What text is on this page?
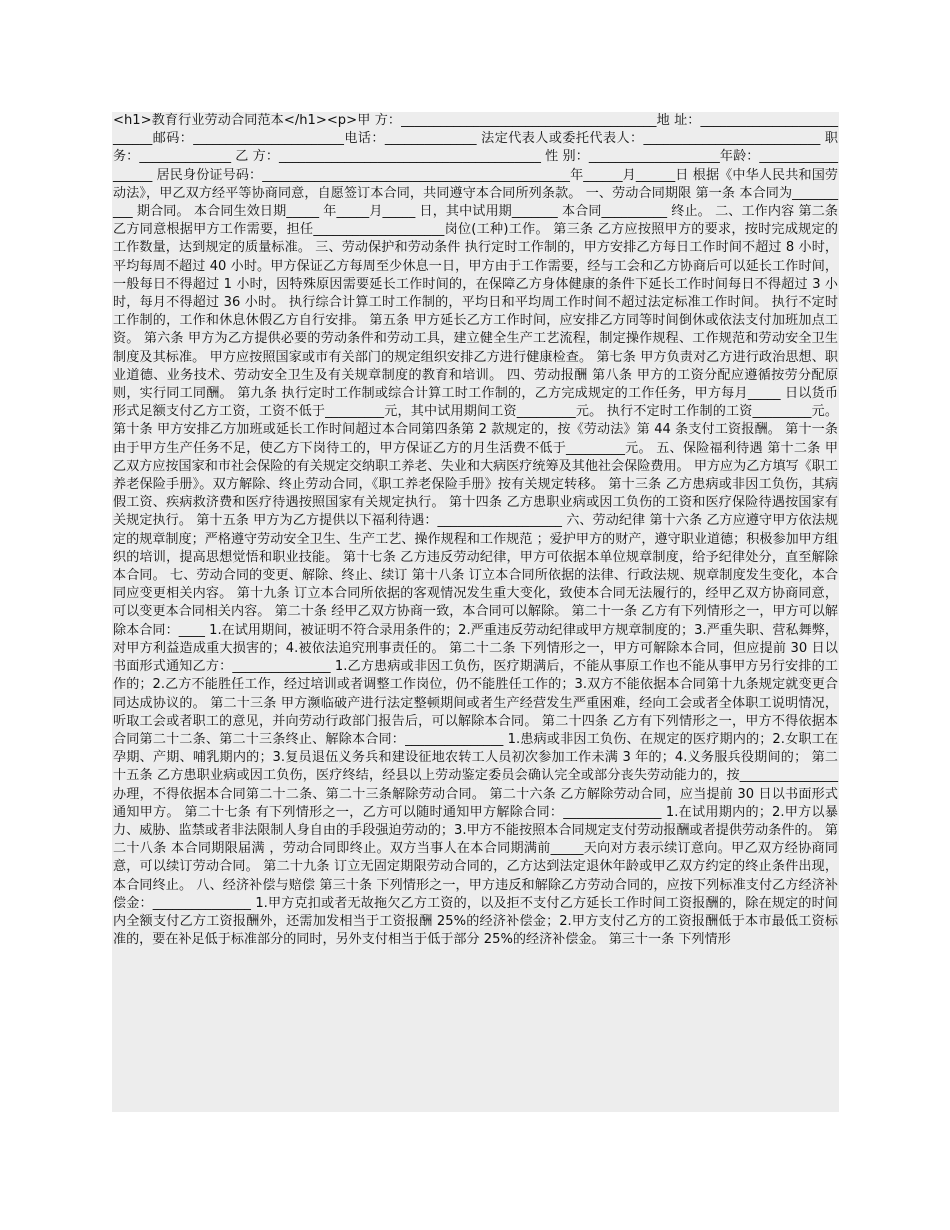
<h1>教育行业劳动合同范本</h1><p>甲 方：_______________________________________地 址：___________________________邮码：_______________________电话：______________ 法定代表人或委托代表人：___________________________ 职务：______________ 乙 方：________________________________________ 性 别：____________________年龄：__________________ 居民身份证号码：_______________________________________________年______月______日 根据《中华人民共和国劳动法》，甲乙双方经平等协商同意，自愿签订本合同，共同遵守本合同所列条款。 一、劳动合同期限 第一条 本合同为__________ 期合同。 本合同生效日期_____ 年_____月_____ 日，其中试用期_______ 本合同__________ 终止。 二、工作内容 第二条 乙方同意根据甲方工作需要，担任____________________岗位(工种)工作。 第三条 乙方应按照甲方的要求，按时完成规定的工作数量，达到规定的质量标准。 三、劳动保护和劳动条件 执行定时工作制的，甲方安排乙方每日工作时间不超过 8 小时，平均每周不超过 40 小时。甲方保证乙方每周至少休息一日，甲方由于工作需要，经与工会和乙方协商后可以延长工作时间，一般每日不得超过 1 小时，因特殊原因需要延长工作时间的，在保障乙方身体健康的条件下延长工作时间每日不得超过 3 小时，每月不得超过 36 小时。 执行综合计算工时工作制的，平均日和平均周工作时间不超过法定标准工作时间。 执行不定时工作制的，工作和休息休假乙方自行安排。 第五条 甲方延长乙方工作时间，应安排乙方同等时间倒休或依法支付加班加点工资。 第六条 甲方为乙方提供必要的劳动条件和劳动工具，建立健全生产工艺流程，制定操作规程、工作规范和劳动安全卫生制度及其标准。 甲方应按照国家或市有关部门的规定组织安排乙方进行健康检查。 第七条 甲方负责对乙方进行政治思想、职业道德、业务技术、劳动安全卫生及有关规章制度的教育和培训。 四、劳动报酬 第八条 甲方的工资分配应遵循按劳分配原则，实行同工同酬。 第九条 执行定时工作制或综合计算工时工作制的，乙方完成规定的工作任务，甲方每月_____ 日以货币形式足额支付乙方工资，工资不低于_________元，其中试用期间工资_________元。 执行不定时工作制的工资_________元。 第十条 甲方安排乙方加班或延长工作时间超过本合同第四条第 2 款规定的，按《劳动法》第 44 条支付工资报酬。 第十一条 由于甲方生产任务不足，使乙方下岗待工的，甲方保证乙方的月生活费不低于_________元。 五、保险福利待遇 第十二条 甲乙双方应按国家和市社会保险的有关规定交纳职工养老、失业和大病医疗统筹及其他社会保险费用。 甲方应为乙方填写《职工养老保险手册》。双方解除、终止劳动合同，《职工养老保险手册》按有关规定转移。 第十三条 乙方患病或非因工负伤，其病假工资、疾病救济费和医疗待遇按照国家有关规定执行。 第十四条 乙方患职业病或因工负伤的工资和医疗保险待遇按国家有关规定执行。 第十五条 甲方为乙方提供以下福利待遇：___________________ 六、劳动纪律 第十六条 乙方应遵守甲方依法规定的规章制度；严格遵守劳动安全卫生、生产工艺、操作规程和工作规范 ；爱护甲方的财产，遵守职业道德；积极参加甲方组织的培训，提高思想觉悟和职业技能。 第十七条 乙方违反劳动纪律，甲方可依据本单位规章制度，给予纪律处分，直至解除本合同。 七、劳动合同的变更、解除、终止、续订 第十八条 订立本合同所依据的法律、行政法规、规章制度发生变化，本合同应变更相关内容。 第十九条 订立本合同所依据的客观情况发生重大变化，致使本合同无法履行的，经甲乙双方协商同意，可以变更本合同相关内容。 第二十条 经甲乙双方协商一致，本合同可以解除。 第二十一条 乙方有下列情形之一，甲方可以解除本合同：____ 1.在试用期间，被证明不符合录用条件的；2.严重违反劳动纪律或甲方规章制度的；3.严重失职、营私舞弊，对甲方利益造成重大损害的；4.被依法追究刑事责任的。 第二十二条 下列情形之一，甲方可解除本合同，但应提前 30 日以书面形式通知乙方：_______________ 1.乙方患病或非因工负伤，医疗期满后，不能从事原工作也不能从事甲方另行安排的工作的；2.乙方不能胜任工作，经过培训或者调整工作岗位，仍不能胜任工作的；3.双方不能依据本合同第十九条规定就变更合同达成协议的。 第二十三条 甲方濒临破产进行法定整顿期间或者生产经营发生严重困难，经向工会或者全体职工说明情况，听取工会或者职工的意见，并向劳动行政部门报告后，可以解除本合同。 第二十四条 乙方有下列情形之一，甲方不得依据本合同第二十二条、第二十三条终止、解除本合同：_______________ 1.患病或非因工负伤、在规定的医疗期内的；2.女职工在孕期、产期、哺乳期内的；3.复员退伍义务兵和建设征地农转工人员初次参加工作未满 3 年的；4.义务服兵役期间的； 第二十五条 乙方患职业病或因工负伤，医疗终结，经县以上劳动鉴定委员会确认完全或部分丧失劳动能力的，按_______________办理，不得依据本合同第二十二条、第二十三条解除劳动合同。 第二十六条 乙方解除劳动合同，应当提前 30 日以书面形式通知甲方。 第二十七条 有下列情形之一，乙方可以随时通知甲方解除合同：_______________ 1.在试用期内的；2.甲方以暴力、威胁、监禁或者非法限制人身自由的手段强迫劳动的；3.甲方不能按照本合同规定支付劳动报酬或者提供劳动条件的。 第二十八条 本合同期限届满 ，劳动合同即终止。双方当事人在本合同期满前_____天向对方表示续订意向。甲乙双方经协商同意，可以续订劳动合同。 第二十九条 订立无固定期限劳动合同的，乙方达到法定退休年龄或甲乙双方约定的终止条件出现，本合同终止。 八、经济补偿与赔偿 第三十条 下列情形之一，甲方违反和解除乙方劳动合同的，应按下列标准支付乙方经济补偿金：_______________ 1.甲方克扣或者无故拖欠乙方工资的，以及拒不支付乙方延长工作时间工资报酬的，除在规定的时间内全额支付乙方工资报酬外，还需加发相当于工资报酬 25%的经济补偿金；2.甲方支付乙方的工资报酬低于本市最低工资标准的，要在补足低于标准部分的同时，另外支付相当于低于部分 25%的经济补偿金。 第三十一条 下列情形
